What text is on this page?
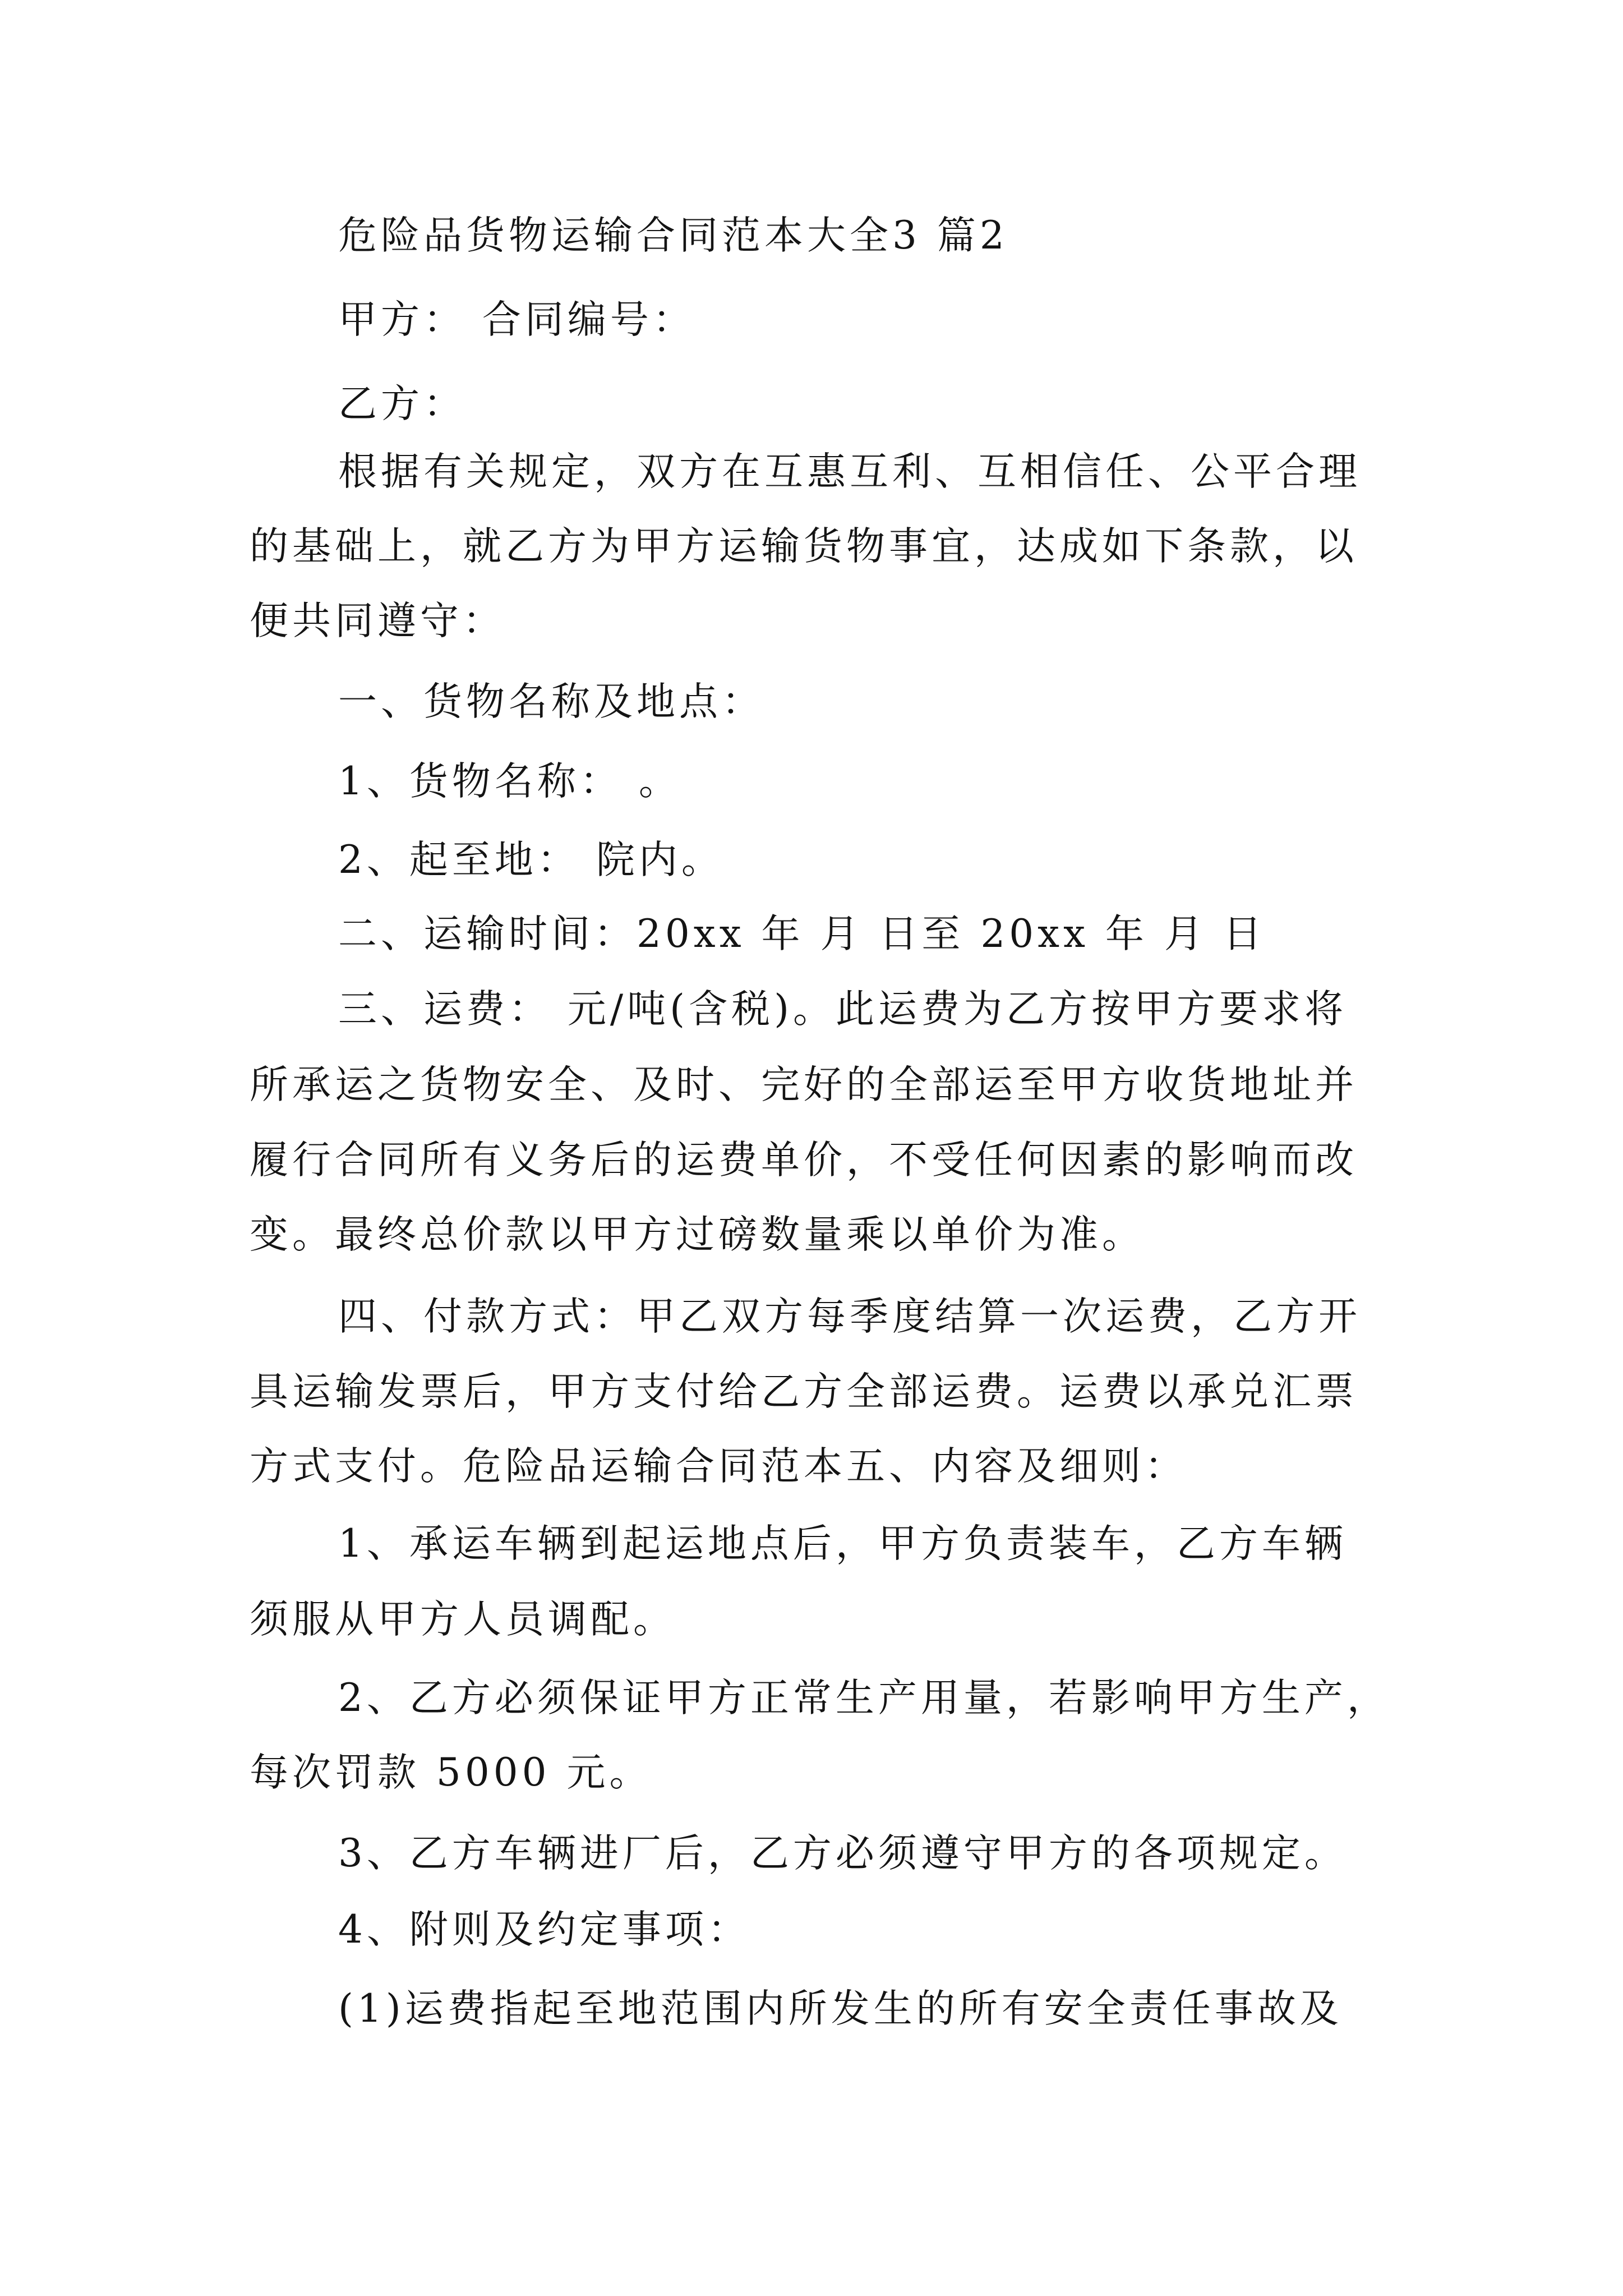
危险品货物运输合同范本大全3 篇2
甲方： 合同编号：
乙方：
根据有关规定，双方在互惠互利、互相信任、公平合理
的基础上，就乙方为甲方运输货物事宜，达成如下条款，以
便共同遵守：
一、货物名称及地点：
1、货物名称： 。
2、起至地： 院内。
二、运输时间：20xx 年 月 日至 20xx 年 月 日
三、运费： 元/吨(含税)。此运费为乙方按甲方要求将
所承运之货物安全、及时、完好的全部运至甲方收货地址并
履行合同所有义务后的运费单价，不受任何因素的影响而改
变。最终总价款以甲方过磅数量乘以单价为准。
四、付款方式：甲乙双方每季度结算一次运费，乙方开
具运输发票后，甲方支付给乙方全部运费。运费以承兑汇票
方式支付。危险品运输合同范本五、内容及细则：
1、承运车辆到起运地点后，甲方负责装车，乙方车辆
须服从甲方人员调配。
2、乙方必须保证甲方正常生产用量，若影响甲方生产，
每次罚款 5000 元。
3、乙方车辆进厂后，乙方必须遵守甲方的各项规定。
4、附则及约定事项：
(1)运费指起至地范围内所发生的所有安全责任事故及
